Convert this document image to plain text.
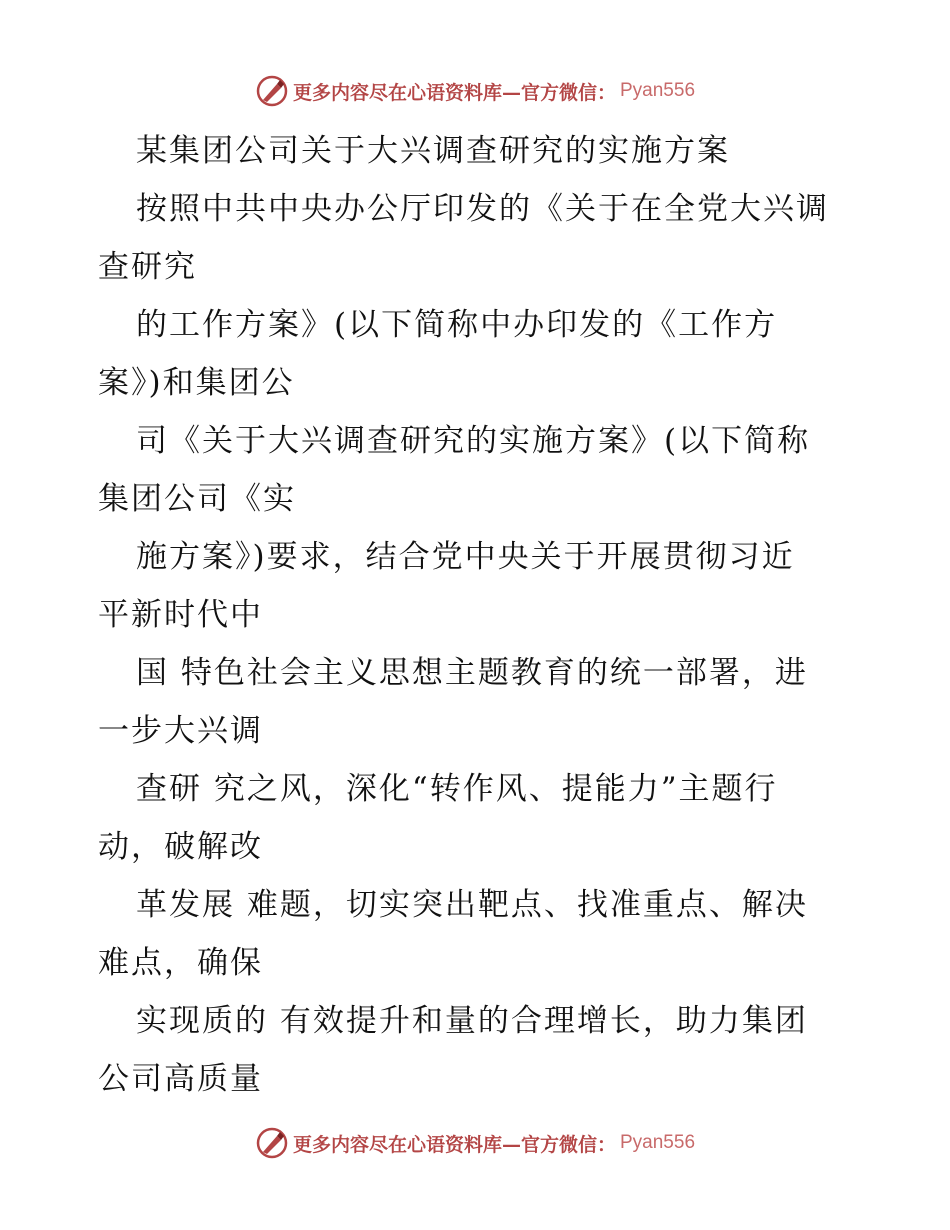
更多内容尽在心语资料库—官方微信： Pyan556
某集团公司关于大兴调查研究的实施方案
按照中共中央办公厅印发的《关于在全党大兴调
查研究
的工作方案》(以下简称中办印发的《工作方
案》)和集团公
司《关于大兴调查研究的实施方案》(以下简称
集团公司《实
施方案》)要求，结合党中央关于开展贯彻习近
平新时代中
国 特色社会主义思想主题教育的统一部署，进
一步大兴调
查研 究之风，深化“转作风、提能力”主题行
动，破解改
革发展 难题，切实突出靶点、找准重点、解决
难点，确保
实现质的 有效提升和量的合理增长，助力集团
公司高质量
更多内容尽在心语资料库—官方微信： Pyan556
